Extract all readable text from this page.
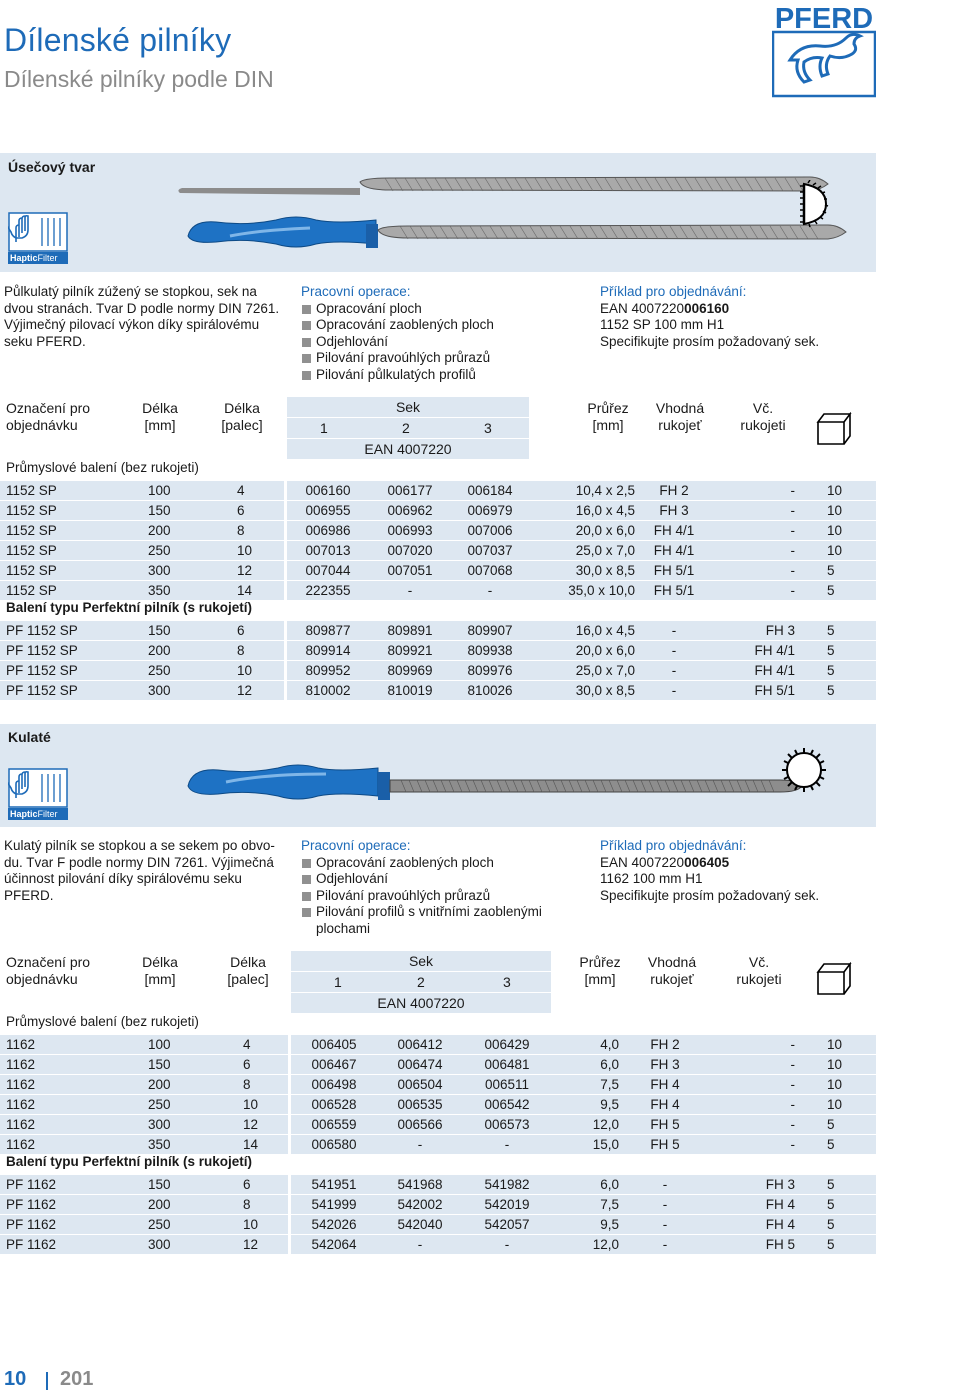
Dílenské pilníky
Dílenské pilníky podle DIN
PFERD
Úsečový tvar
HapticFilter
Půlkulatý pilník zúžený se stopkou, sek na
dvou stranách. Tvar D podle normy DIN 7261.
Výjimečný pilovací výkon díky spirálovému
seku PFERD.
Pracovní operace:
Opracování ploch
Opracování zaoblených ploch
Odjehlování
Pilování pravoúhlých průrazů
Pilování půlkulatých profilů
Příklad pro objednávání:
EAN 4007220006160
1152 SP 100 mm H1
Specifikujte prosím požadovaný sek.
Označení pro
objednávku
Délka
[mm]
Délka
[palec]
Sek
1	2	3
EAN 4007220
Průřez
[mm]
Vhodná
rukojeť
Vč.
rukojeti
Průmyslové balení (bez rukojeti)
1152 SP	100	4	006160	006177	006184	10,4 x 2,5	FH 2	-	10
1152 SP	150	6	006955	006962	006979	16,0 x 4,5	FH 3	-	10
1152 SP	200	8	006986	006993	007006	20,0 x 6,0	FH 4/1	-	10
1152 SP	250	10	007013	007020	007037	25,0 x 7,0	FH 4/1	-	10
1152 SP	300	12	007044	007051	007068	30,0 x 8,5	FH 5/1	-	5
1152 SP	350	14	222355	-	-	35,0 x 10,0	FH 5/1	-	5
Balení typu Perfektní pilník (s rukojetí)
PF 1152 SP	150	6	809877	809891	809907	16,0 x 4,5	-	FH 3	5
PF 1152 SP	200	8	809914	809921	809938	20,0 x 6,0	-	FH 4/1	5
PF 1152 SP	250	10	809952	809969	809976	25,0 x 7,0	-	FH 4/1	5
PF 1152 SP	300	12	810002	810019	810026	30,0 x 8,5	-	FH 5/1	5
Kulaté
HapticFilter
Kulatý pilník se stopkou a se sekem po obvo-
du. Tvar F podle normy DIN 7261. Výjimečná
účinnost pilování díky spirálovému seku PFERD.
Pracovní operace:
Opracování zaoblených ploch
Odjehlování
Pilování pravoúhlých průrazů
Pilování profilů s vnitřními zaoblenými plochami
Příklad pro objednávání:
EAN 4007220006405
1162 100 mm H1
Specifikujte prosím požadovaný sek.
Označení pro
objednávku
Délka
[mm]
Délka
[palec]
Sek
1	2	3
EAN 4007220
Průřez
[mm]
Vhodná
rukojeť
Vč.
rukojeti
Průmyslové balení (bez rukojeti)
1162	100	4	006405	006412	006429	4,0	FH 2	-	10
1162	150	6	006467	006474	006481	6,0	FH 3	-	10
1162	200	8	006498	006504	006511	7,5	FH 4	-	10
1162	250	10	006528	006535	006542	9,5	FH 4	-	10
1162	300	12	006559	006566	006573	12,0	FH 5	-	5
1162	350	14	006580	-	-	15,0	FH 5	-	5
Balení typu Perfektní pilník (s rukojetí)
PF 1162	150	6	541951	541968	541982	6,0	-	FH 3	5
PF 1162	200	8	541999	542002	542019	7,5	-	FH 4	5
PF 1162	250	10	542026	542040	542057	9,5	-	FH 4	5
PF 1162	300	12	542064	-	-	12,0	-	FH 5	5
10 201
